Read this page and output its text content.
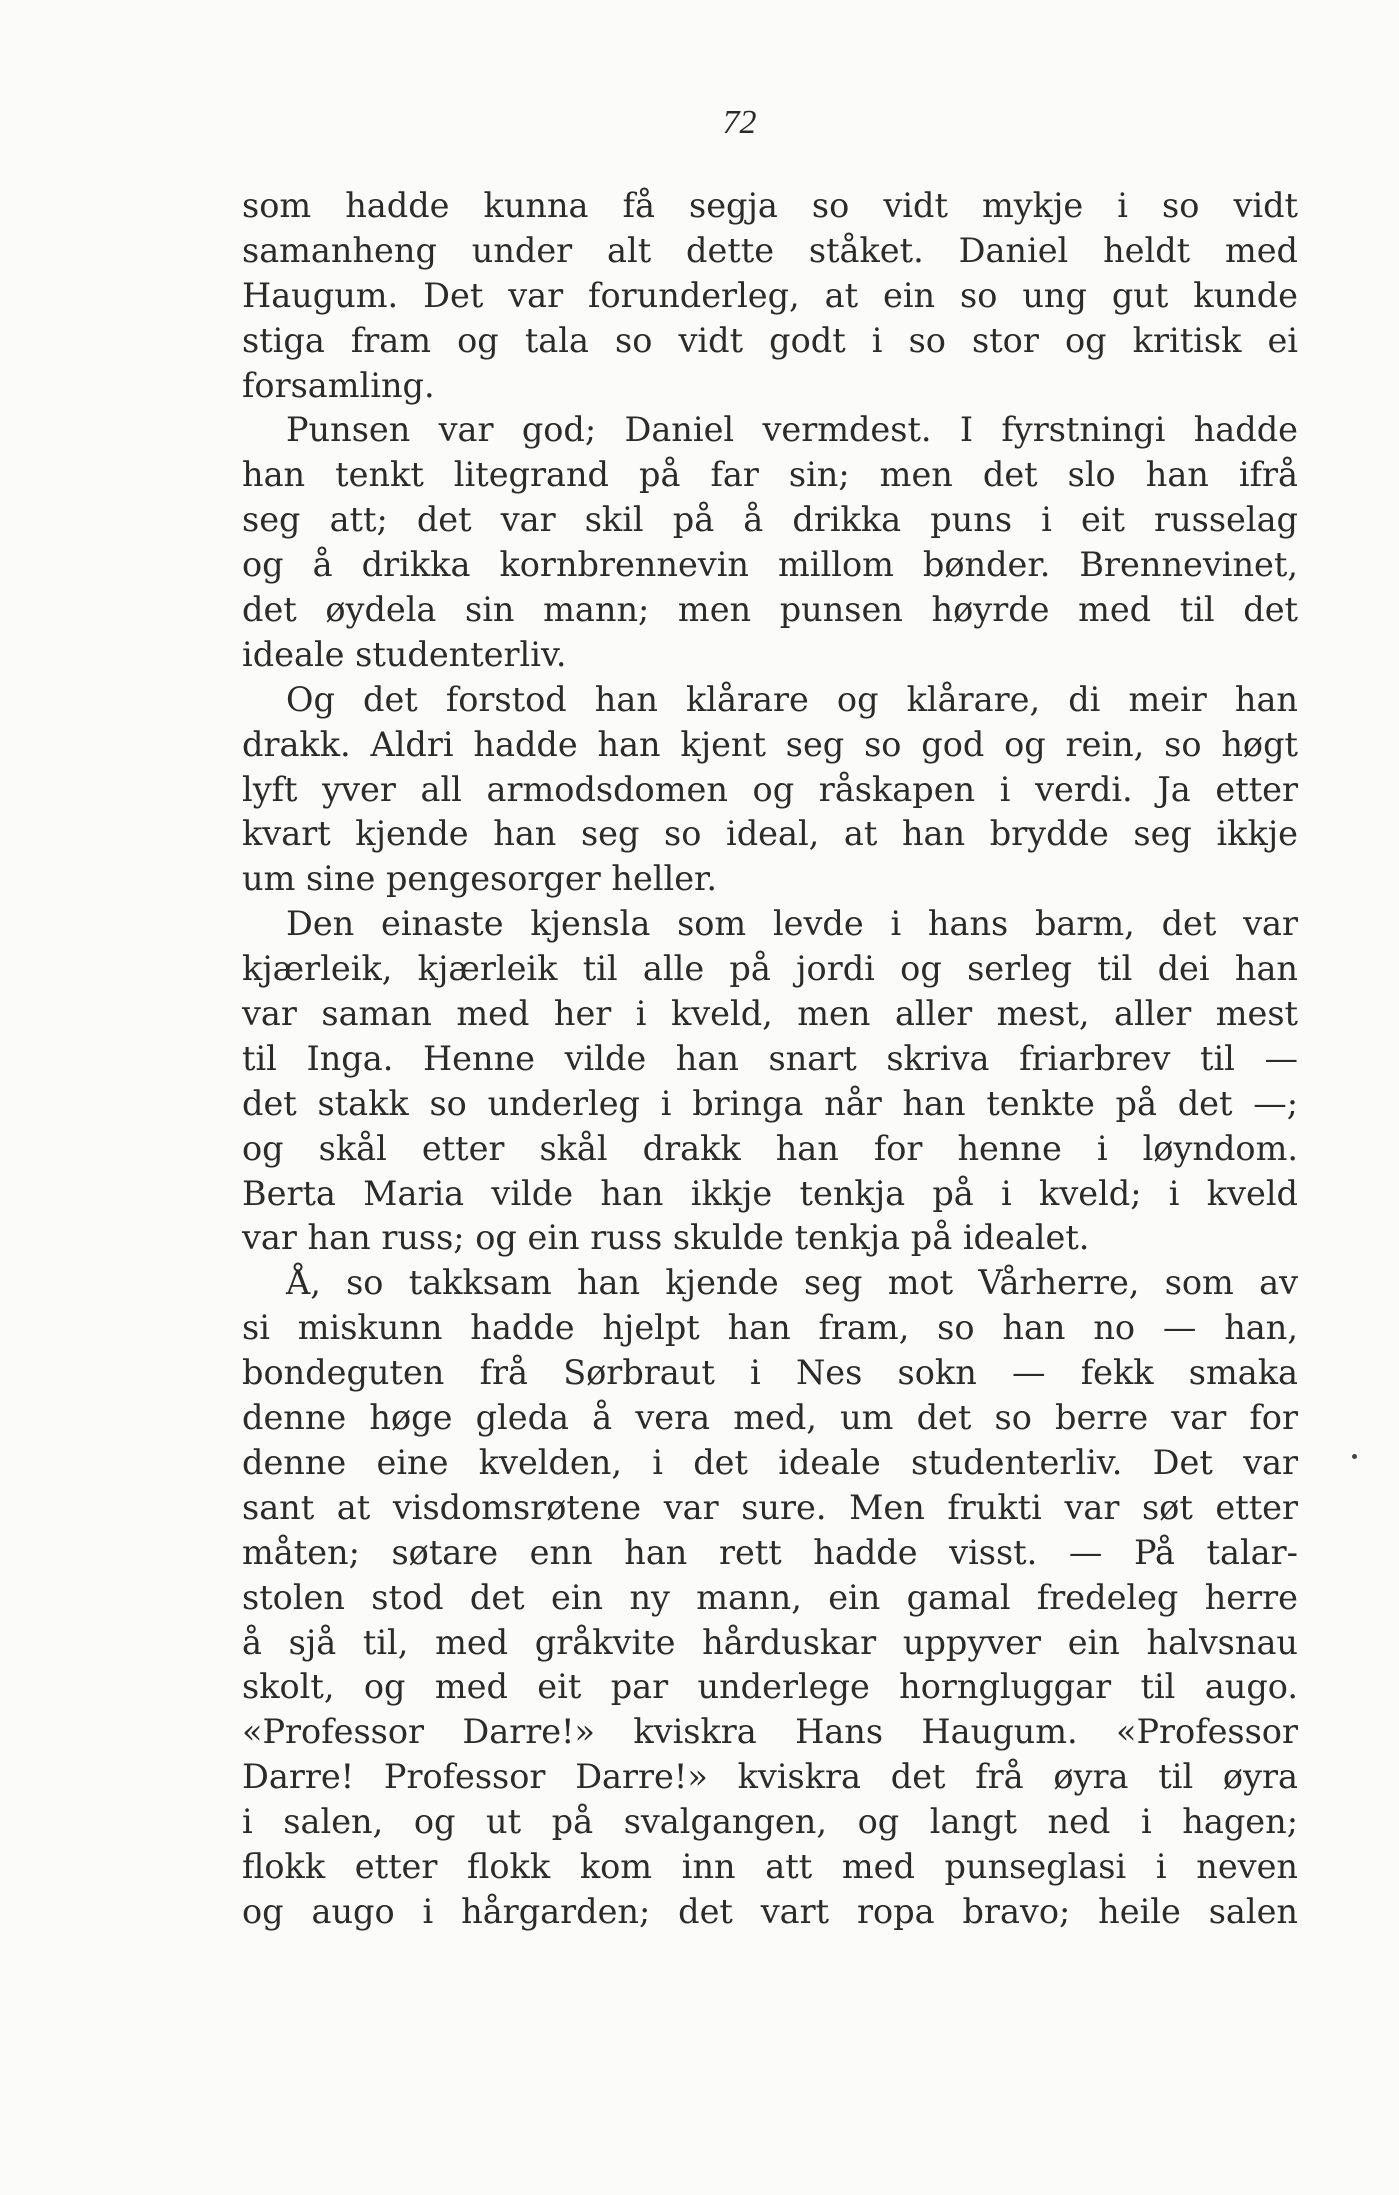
72
som hadde kunna få segja so vidt mykje i so vidt
samanheng under alt dette ståket. Daniel heldt med
Haugum. Det var forunderleg, at ein so ung gut kunde
stiga fram og tala so vidt godt i so stor og kritisk ei
forsamling.
Punsen var god; Daniel vermdest. I fyrstningi hadde
han tenkt litegrand på far sin; men det slo han ifrå
seg att; det var skil på å drikka puns i eit russelag
og å drikka kornbrennevin millom bønder. Brennevinet,
det øydela sin mann; men punsen høyrde med til det
ideale studenterliv.
Og det forstod han klårare og klårare, di meir han
drakk. Aldri hadde han kjent seg so god og rein, so høgt
lyft yver all armodsdomen og råskapen i verdi. Ja etter
kvart kjende han seg so ideal, at han brydde seg ikkje
um sine pengesorger heller.
Den einaste kjensla som levde i hans barm, det var
kjærleik, kjærleik til alle på jordi og serleg til dei han
var saman med her i kveld, men aller mest, aller mest
til Inga. Henne vilde han snart skriva friarbrev til —
det stakk so underleg i bringa når han tenkte på det —;
og skål etter skål drakk han for henne i løyndom.
Berta Maria vilde han ikkje tenkja på i kveld; i kveld
var han russ; og ein russ skulde tenkja på idealet.
Å, so takksam han kjende seg mot Vårherre, som av
si miskunn hadde hjelpt han fram, so han no — han,
bondeguten frå Sørbraut i Nes sokn — fekk smaka
denne høge gleda å vera med, um det so berre var for
denne eine kvelden, i det ideale studenterliv. Det var
sant at visdomsrøtene var sure. Men frukti var søt etter
måten; søtare enn han rett hadde visst. — På talar-
stolen stod det ein ny mann, ein gamal fredeleg herre
å sjå til, med gråkvite hårduskar uppyver ein halvsnau
skolt, og med eit par underlege horngluggar til augo.
«Professor Darre!» kviskra Hans Haugum. «Professor
Darre! Professor Darre!» kviskra det frå øyra til øyra
i salen, og ut på svalgangen, og langt ned i hagen;
flokk etter flokk kom inn att med punseglasi i neven
og augo i hårgarden; det vart ropa bravo; heile salen
